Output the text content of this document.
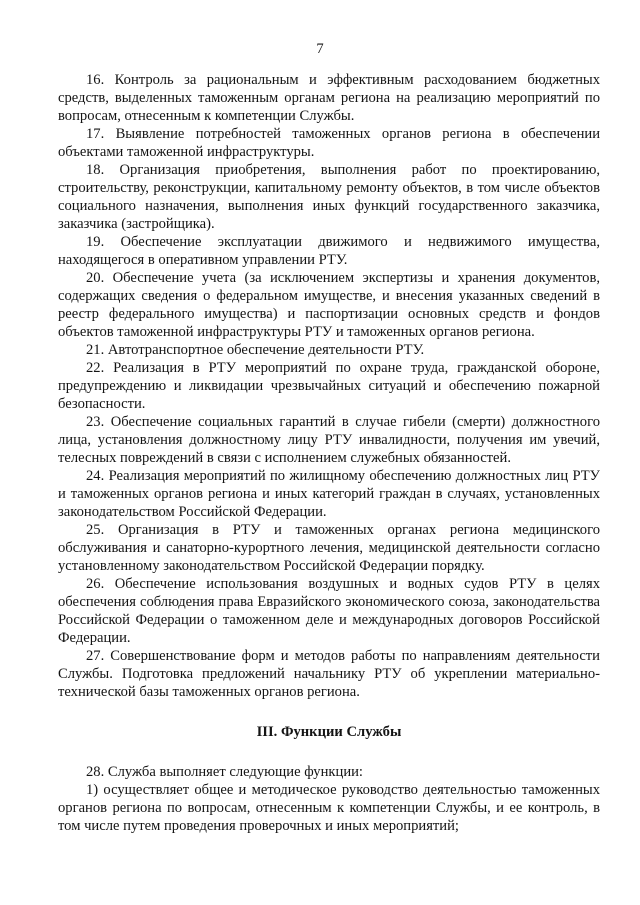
7

16. Контроль за рациональным и эффективным расходованием бюджетных средств, выделенных таможенным органам региона на реализацию мероприятий по вопросам, отнесенным к компетенции Службы.

17. Выявление потребностей таможенных органов региона в обеспечении объектами таможенной инфраструктуры.

18. Организация приобретения, выполнения работ по проектированию, строительству, реконструкции, капитальному ремонту объектов, в том числе объектов социального назначения, выполнения иных функций государственного заказчика, заказчика (застройщика).

19. Обеспечение эксплуатации движимого и недвижимого имущества, находящегося в оперативном управлении РТУ.

20. Обеспечение учета (за исключением экспертизы и хранения документов, содержащих сведения о федеральном имуществе, и внесения указанных сведений в реестр федерального имущества) и паспортизации основных средств и фондов объектов таможенной инфраструктуры РТУ и таможенных органов региона.

21. Автотранспортное обеспечение деятельности РТУ.

22. Реализация в РТУ мероприятий по охране труда, гражданской обороне, предупреждению и ликвидации чрезвычайных ситуаций и обеспечению пожарной безопасности.

23. Обеспечение социальных гарантий в случае гибели (смерти) должностного лица, установления должностному лицу РТУ инвалидности, получения им увечий, телесных повреждений в связи с исполнением служебных обязанностей.

24. Реализация мероприятий по жилищному обеспечению должностных лиц РТУ и таможенных органов региона и иных категорий граждан в случаях, установленных законодательством Российской Федерации.

25. Организация в РТУ и таможенных органах региона медицинского обслуживания и санаторно-курортного лечения, медицинской деятельности согласно установленному законодательством Российской Федерации порядку.

26. Обеспечение использования воздушных и водных судов РТУ в целях обеспечения соблюдения права Евразийского экономического союза, законодательства Российской Федерации о таможенном деле и международных договоров Российской Федерации.

27. Совершенствование форм и методов работы по направлениям деятельности Службы. Подготовка предложений начальнику РТУ об укреплении материально-технической базы таможенных органов региона.

III. Функции Службы

28. Служба выполняет следующие функции:

1) осуществляет общее и методическое руководство деятельностью таможенных органов региона по вопросам, отнесенным к компетенции Службы, и ее контроль, в том числе путем проведения проверочных и иных мероприятий;
